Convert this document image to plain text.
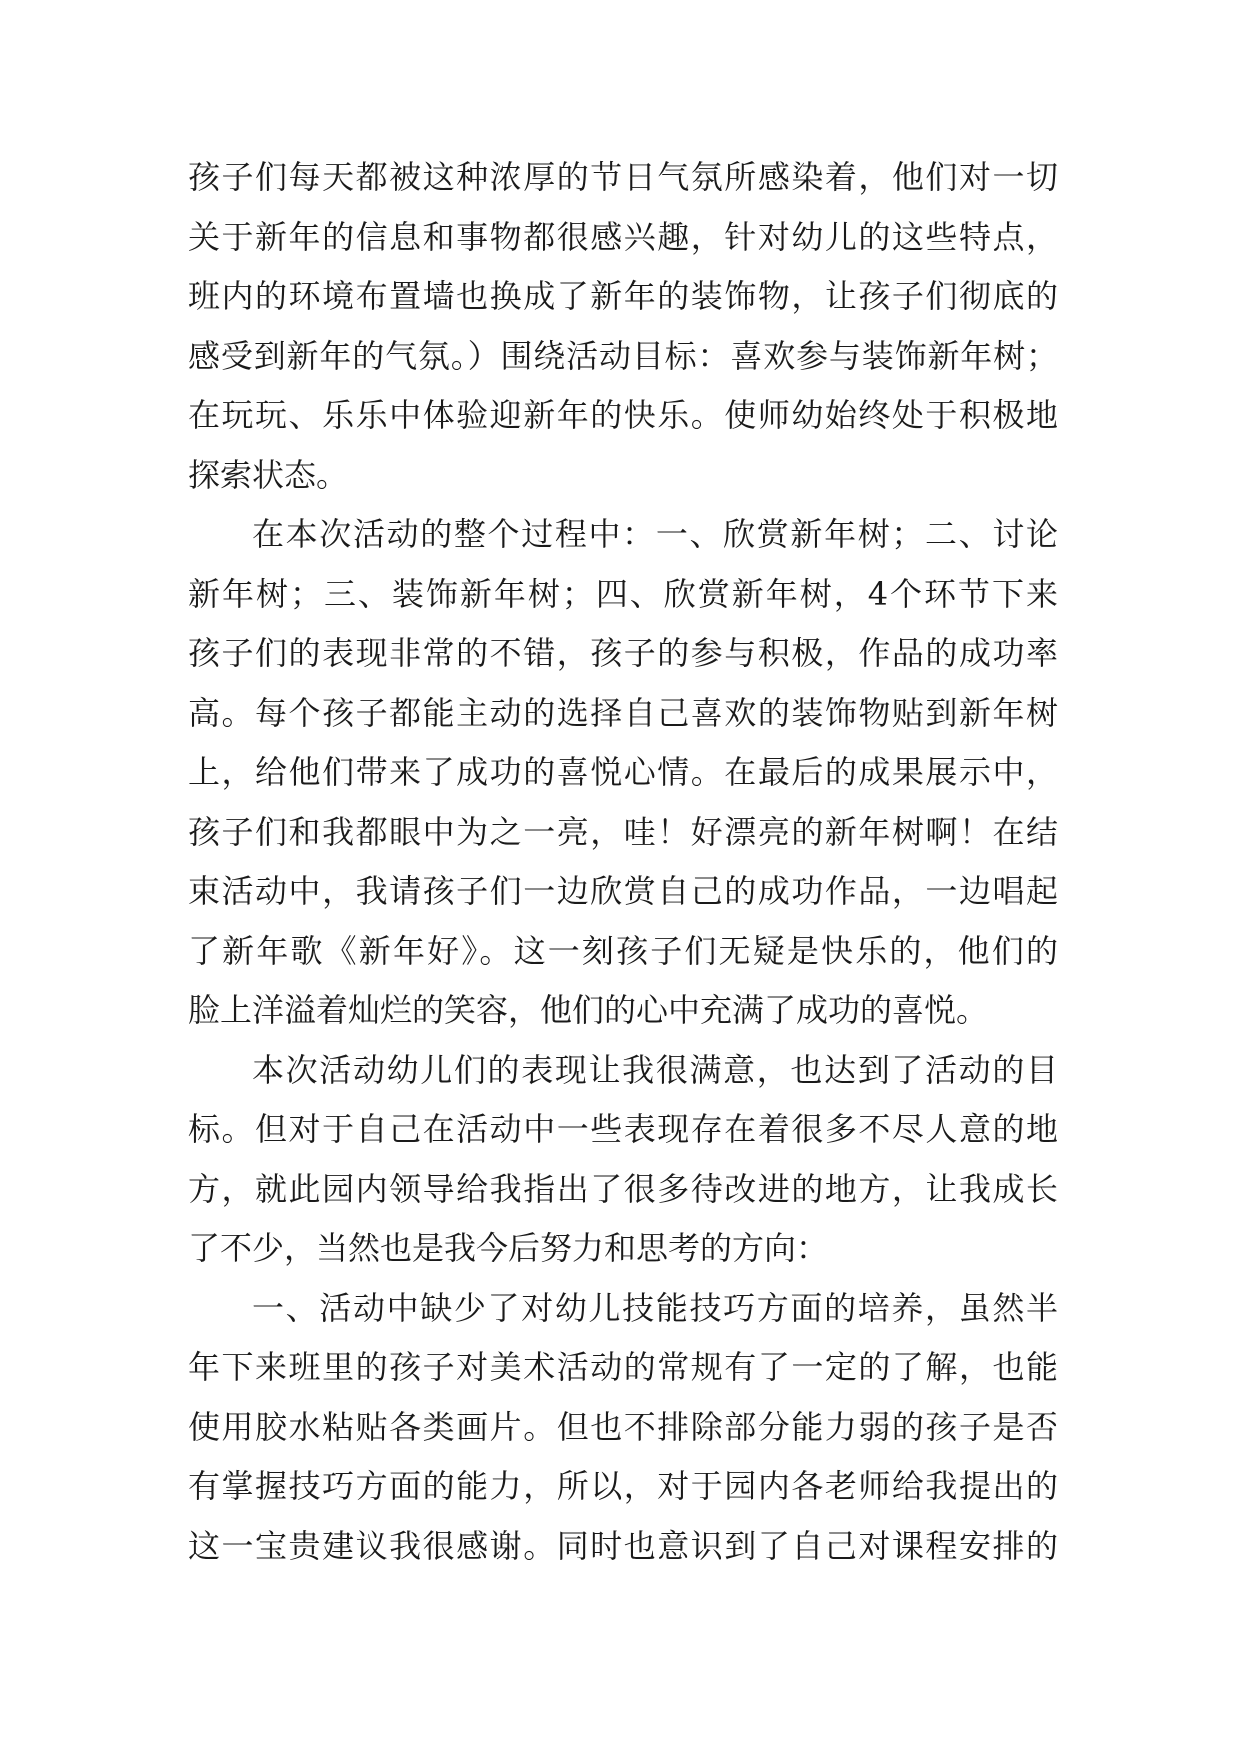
孩子们每天都被这种浓厚的节日气氛所感染着，他们对一切
关于新年的信息和事物都很感兴趣，针对幼儿的这些特点，
班内的环境布置墙也换成了新年的装饰物，让孩子们彻底的
感受到新年的气氛。）围绕活动目标：喜欢参与装饰新年树；
在玩玩、乐乐中体验迎新年的快乐。使师幼始终处于积极地
探索状态。
在本次活动的整个过程中：一、欣赏新年树；二、讨论
新年树；三、装饰新年树；四、欣赏新年树，4个环节下来
孩子们的表现非常的不错，孩子的参与积极，作品的成功率
高。每个孩子都能主动的选择自己喜欢的装饰物贴到新年树
上，给他们带来了成功的喜悦心情。在最后的成果展示中，
孩子们和我都眼中为之一亮，哇！好漂亮的新年树啊！在结
束活动中，我请孩子们一边欣赏自己的成功作品，一边唱起
了新年歌《新年好》。这一刻孩子们无疑是快乐的，他们的
脸上洋溢着灿烂的笑容，他们的心中充满了成功的喜悦。
本次活动幼儿们的表现让我很满意，也达到了活动的目
标。但对于自己在活动中一些表现存在着很多不尽人意的地
方，就此园内领导给我指出了很多待改进的地方，让我成长
了不少，当然也是我今后努力和思考的方向：
一、活动中缺少了对幼儿技能技巧方面的培养，虽然半
年下来班里的孩子对美术活动的常规有了一定的了解，也能
使用胶水粘贴各类画片。但也不排除部分能力弱的孩子是否
有掌握技巧方面的能力，所以，对于园内各老师给我提出的
这一宝贵建议我很感谢。同时也意识到了自己对课程安排的
